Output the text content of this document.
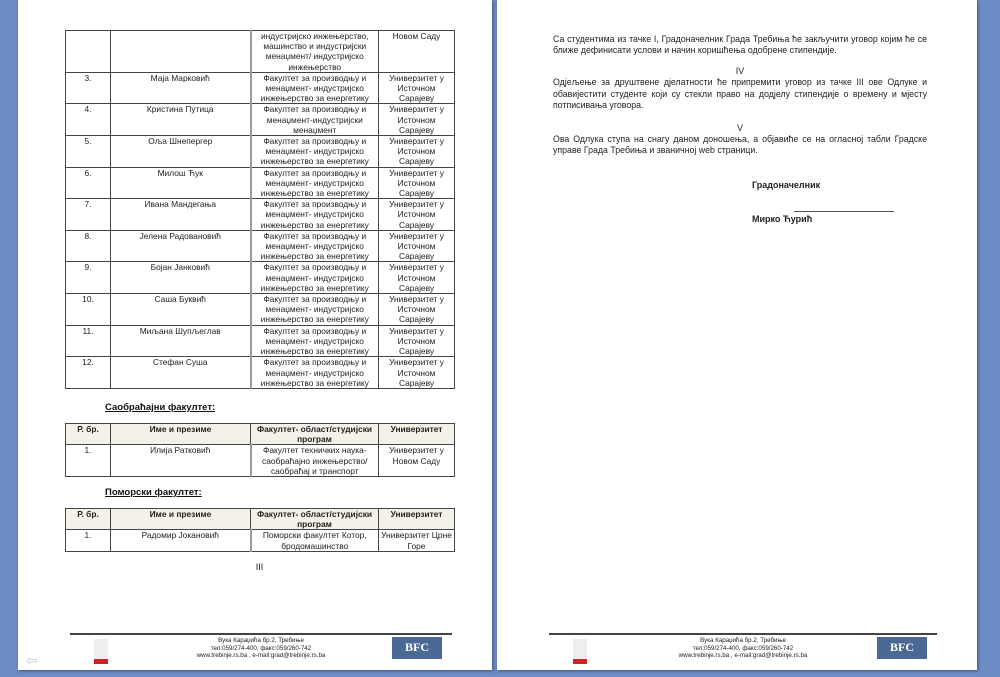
		индустријско инжењерство, машинство и индустријски менаџмент/ индустријско инжењерство	Новом Саду
3.	Маја Марковић	Факултет за производњу и менаџмент- индустријско инжењерство за енергетику	Универзитет у Источном Сарајеву
4.	Кристина Путица	Факултет за производњу и менаџмент-индустријски менаџмент	Универзитет у Источном Сарајеву
5.	Оља Шнепергер	Факултет за производњу и менаџмент- индустријско инжењерство за енергетику	Универзитет у Источном Сарајеву
6.	Милош Ћук	Факултет за производњу и менаџмент- индустријско инжењерство за енергетику	Универзитет у Источном Сарајеву
7.	Ивана Мандегања	Факултет за производњу и менаџмент- индустријско инжењерство за енергетику	Универзитет у Источном Сарајеву
8.	Јелена Радовановић	Факултет за производњу и менаџмент- индустријско инжењерство за енергетику	Универзитет у Источном Сарајеву
9.	Бојан Јанковић	Факултет за производњу и менаџмент- индустријско инжењерство за енергетику	Универзитет у Источном Сарајеву
10.	Саша Буквић	Факултет за производњу и менаџмент- индустријско инжењерство за енергетику	Универзитет у Источном Сарајеву
11.	Миљана Шупљеглав	Факултет за производњу и менаџмент- индустријско инжењерство за енергетику	Универзитет у Источном Сарајеву
12.	Стефан Суша	Факултет за производњу и менаџмент- индустријско инжењерство за енергетику	Универзитет у Источном Сарајеву
Саобраћајни факултет:
Р. бр.	Име и презиме	Факултет- област/студијски програм	Универзитет
1.	Илија Ратковић	Факултет техничких наука- саобраћајно инжењерство/ саобраћај и транспорт	Универзитет у Новом Саду
Поморски факултет:
Р. бр.	Име и презиме	Факултет- област/студијски програм	Универзитет
1.	Радомир Јокановић	Поморски факултет Котор, бродомашинство	Универзитет Црне Горе
III
Вука Караџића бр.2, Требиње
тел:059/274-400, факс:059/260-742
www.trebinje.rs.ba , e-mail:grad@trebinje.rs.ba
BFC
⇦
Са студентима из тачке I, Градоначелник Града Требиња ће закључити уговор којим ће се ближе дефинисати услови и начин коришћења одобрене стипендије.
IV
Одјељење за друштвене дјелатности ће припремити уговор из тачке III ове Одлуке и обавијестити студенте који су стекли право на додјелу стипендије о времену и мјесту потписивања уговора.
V
Ова Одлука ступа на снагу даном доношења, а објавиће се на огласној табли Градске управе Града Требиња и званичној web страници.
Градоначелник
Мирко Ћурић
Вука Караџића бр.2, Требиње
тел:059/274-400, факс:059/260-742
www.trebinje.rs.ba , e-mail:grad@trebinje.rs.ba
BFC
